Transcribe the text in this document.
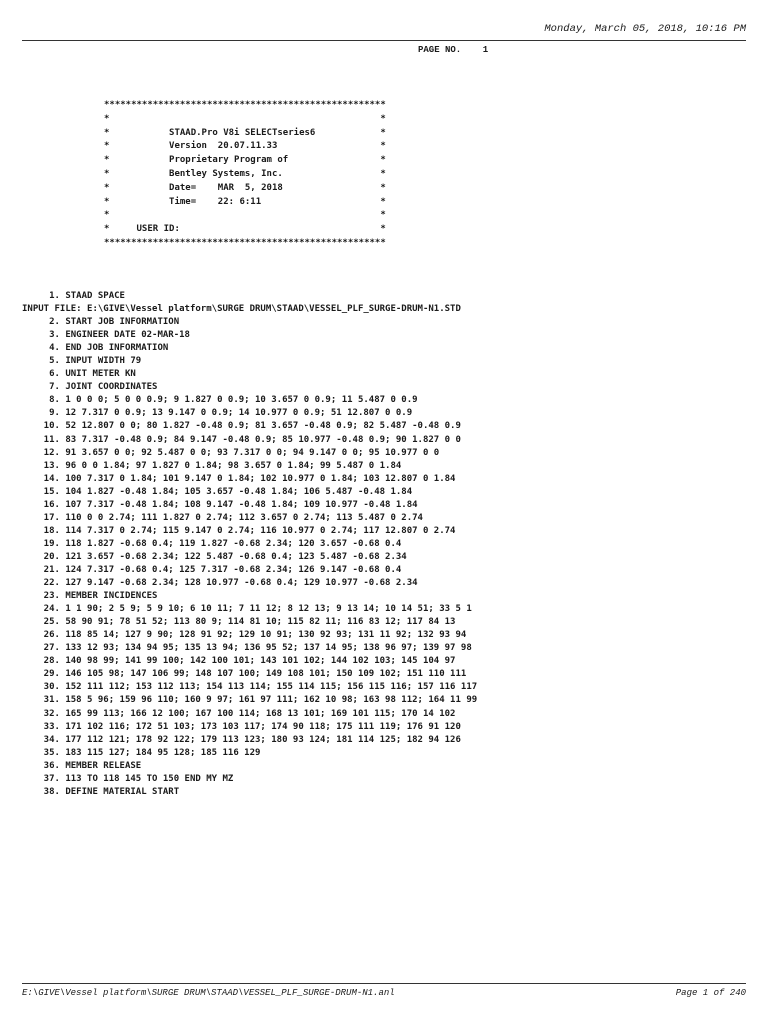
Monday, March 05, 2018, 10:16 PM
PAGE NO.    1
****************************************************
*                                                  *
*           STAAD.Pro V8i SELECTseries6            *
*           Version  20.07.11.33                   *
*           Proprietary Program of                 *
*           Bentley Systems, Inc.                  *
*           Date=    MAR  5, 2018                  *
*           Time=    22: 6:11                      *
*                                                  *
*     USER ID:                                     *
****************************************************
1. STAAD SPACE
INPUT FILE: E:\GIVE\Vessel platform\SURGE DRUM\STAAD\VESSEL_PLF_SURGE-DRUM-N1.STD
2. START JOB INFORMATION
3. ENGINEER DATE 02-MAR-18
4. END JOB INFORMATION
5. INPUT WIDTH 79
6. UNIT METER KN
7. JOINT COORDINATES
8. 1 0 0 0; 5 0 0 0.9; 9 1.827 0 0.9; 10 3.657 0 0.9; 11 5.487 0 0.9
9. 12 7.317 0 0.9; 13 9.147 0 0.9; 14 10.977 0 0.9; 51 12.807 0 0.9
10. 52 12.807 0 0; 80 1.827 -0.48 0.9; 81 3.657 -0.48 0.9; 82 5.487 -0.48 0.9
11. 83 7.317 -0.48 0.9; 84 9.147 -0.48 0.9; 85 10.977 -0.48 0.9; 90 1.827 0 0
12. 91 3.657 0 0; 92 5.487 0 0; 93 7.317 0 0; 94 9.147 0 0; 95 10.977 0 0
13. 96 0 0 1.84; 97 1.827 0 1.84; 98 3.657 0 1.84; 99 5.487 0 1.84
14. 100 7.317 0 1.84; 101 9.147 0 1.84; 102 10.977 0 1.84; 103 12.807 0 1.84
15. 104 1.827 -0.48 1.84; 105 3.657 -0.48 1.84; 106 5.487 -0.48 1.84
16. 107 7.317 -0.48 1.84; 108 9.147 -0.48 1.84; 109 10.977 -0.48 1.84
17. 110 0 0 2.74; 111 1.827 0 2.74; 112 3.657 0 2.74; 113 5.487 0 2.74
18. 114 7.317 0 2.74; 115 9.147 0 2.74; 116 10.977 0 2.74; 117 12.807 0 2.74
19. 118 1.827 -0.68 0.4; 119 1.827 -0.68 2.34; 120 3.657 -0.68 0.4
20. 121 3.657 -0.68 2.34; 122 5.487 -0.68 0.4; 123 5.487 -0.68 2.34
21. 124 7.317 -0.68 0.4; 125 7.317 -0.68 2.34; 126 9.147 -0.68 0.4
22. 127 9.147 -0.68 2.34; 128 10.977 -0.68 0.4; 129 10.977 -0.68 2.34
23. MEMBER INCIDENCES
24. 1 1 90; 2 5 9; 5 9 10; 6 10 11; 7 11 12; 8 12 13; 9 13 14; 10 14 51; 33 5 1
25. 58 90 91; 78 51 52; 113 80 9; 114 81 10; 115 82 11; 116 83 12; 117 84 13
26. 118 85 14; 127 9 90; 128 91 92; 129 10 91; 130 92 93; 131 11 92; 132 93 94
27. 133 12 93; 134 94 95; 135 13 94; 136 95 52; 137 14 95; 138 96 97; 139 97 98
28. 140 98 99; 141 99 100; 142 100 101; 143 101 102; 144 102 103; 145 104 97
29. 146 105 98; 147 106 99; 148 107 100; 149 108 101; 150 109 102; 151 110 111
30. 152 111 112; 153 112 113; 154 113 114; 155 114 115; 156 115 116; 157 116 117
31. 158 5 96; 159 96 110; 160 9 97; 161 97 111; 162 10 98; 163 98 112; 164 11 99
32. 165 99 113; 166 12 100; 167 100 114; 168 13 101; 169 101 115; 170 14 102
33. 171 102 116; 172 51 103; 173 103 117; 174 90 118; 175 111 119; 176 91 120
34. 177 112 121; 178 92 122; 179 113 123; 180 93 124; 181 114 125; 182 94 126
35. 183 115 127; 184 95 128; 185 116 129
36. MEMBER RELEASE
37. 113 TO 118 145 TO 150 END MY MZ
38. DEFINE MATERIAL START
E:\GIVE\Vessel platform\SURGE DRUM\STAAD\VESSEL_PLF_SURGE-DRUM-N1.anl	Page 1 of 240
